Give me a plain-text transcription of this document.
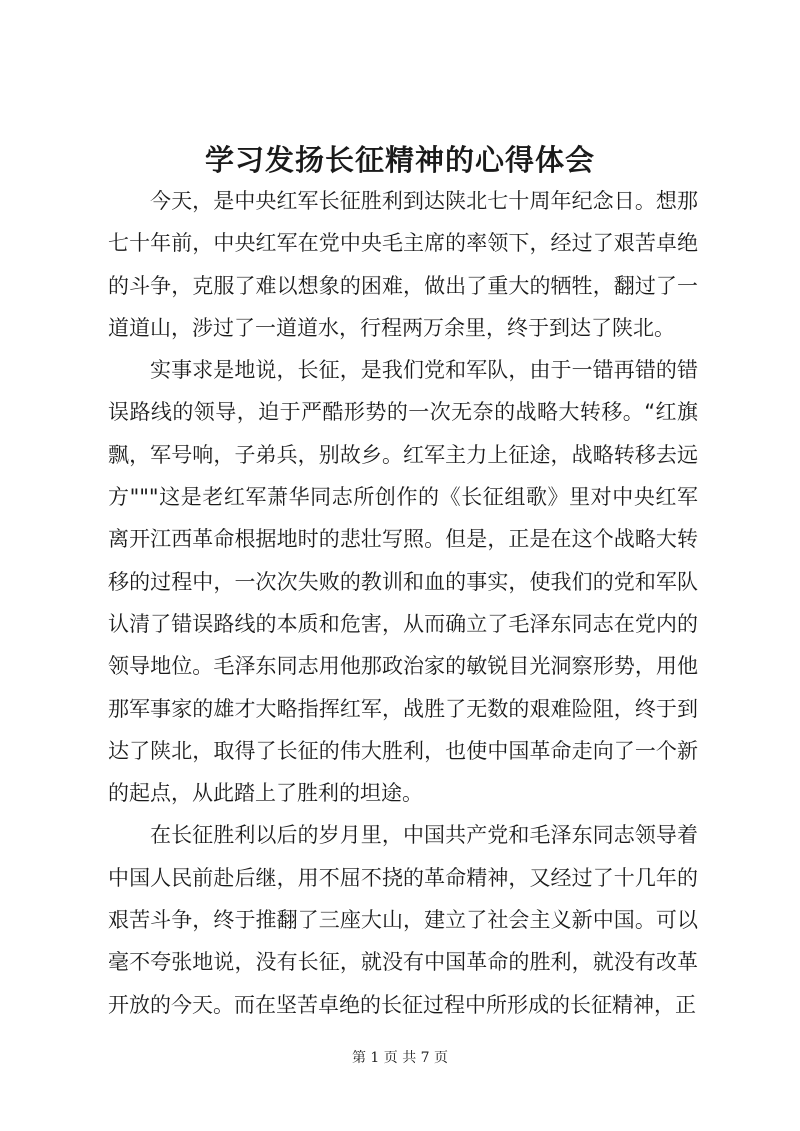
学习发扬长征精神的心得体会

今天，是中央红军长征胜利到达陕北七十周年纪念日。想那七十年前，中央红军在党中央毛主席的率领下，经过了艰苦卓绝的斗争，克服了难以想象的困难，做出了重大的牺牲，翻过了一道道山，涉过了一道道水，行程两万余里，终于到达了陕北。

实事求是地说，长征，是我们党和军队，由于一错再错的错误路线的领导，迫于严酷形势的一次无奈的战略大转移。“红旗飘，军号响，子弟兵，别故乡。红军主力上征途，战略转移去远方"""这是老红军萧华同志所创作的《长征组歌》里对中央红军离开江西革命根据地时的悲壮写照。但是，正是在这个战略大转移的过程中，一次次失败的教训和血的事实，使我们的党和军队认清了错误路线的本质和危害，从而确立了毛泽东同志在党内的领导地位。毛泽东同志用他那政治家的敏锐目光洞察形势，用他那军事家的雄才大略指挥红军，战胜了无数的艰难险阻，终于到达了陕北，取得了长征的伟大胜利，也使中国革命走向了一个新的起点，从此踏上了胜利的坦途。

在长征胜利以后的岁月里，中国共产党和毛泽东同志领导着中国人民前赴后继，用不屈不挠的革命精神，又经过了十几年的艰苦斗争，终于推翻了三座大山，建立了社会主义新中国。可以毫不夸张地说，没有长征，就没有中国革命的胜利，就没有改革开放的今天。而在坚苦卓绝的长征过程中所形成的长征精神，正

第 1 页 共 7 页
